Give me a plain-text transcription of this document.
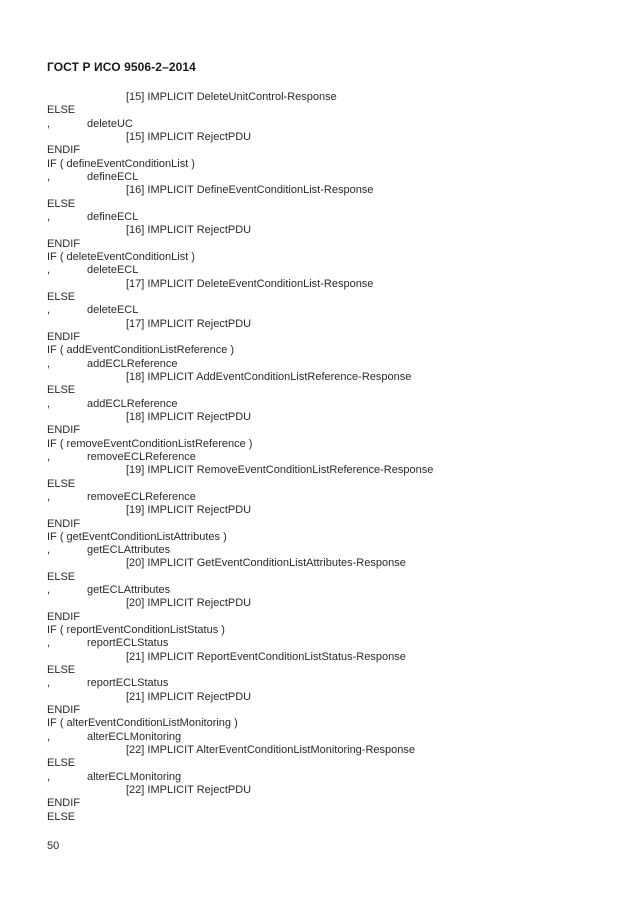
ГОСТ Р ИСО 9506-2–2014
[15] IMPLICIT DeleteUnitControl-Response
ELSE
,	deleteUC
[15] IMPLICIT RejectPDU
ENDIF
IF ( defineEventConditionList )
,	defineECL
[16] IMPLICIT DefineEventConditionList-Response
ELSE
,	defineECL
[16] IMPLICIT RejectPDU
ENDIF
IF ( deleteEventConditionList )
,	deleteECL
[17] IMPLICIT DeleteEventConditionList-Response
ELSE
,	deleteECL
[17] IMPLICIT RejectPDU
ENDIF
IF ( addEventConditionListReference )
,	addECLReference
[18] IMPLICIT AddEventConditionListReference-Response
ELSE
,	addECLReference
[18] IMPLICIT RejectPDU
ENDIF
IF ( removeEventConditionListReference )
,	removeECLReference
[19] IMPLICIT RemoveEventConditionListReference-Response
ELSE
,	removeECLReference
[19] IMPLICIT RejectPDU
ENDIF
IF ( getEventConditionListAttributes )
,	getECLAttributes
[20] IMPLICIT GetEventConditionListAttributes-Response
ELSE
,	getECLAttributes
[20] IMPLICIT RejectPDU
ENDIF
IF ( reportEventConditionListStatus )
,	reportECLStatus
[21] IMPLICIT ReportEventConditionListStatus-Response
ELSE
,	reportECLStatus
[21] IMPLICIT RejectPDU
ENDIF
IF ( alterEventConditionListMonitoring )
,	alterECLMonitoring
[22] IMPLICIT AlterEventConditionListMonitoring-Response
ELSE
,	alterECLMonitoring
[22] IMPLICIT RejectPDU
ENDIF
ELSE
50
